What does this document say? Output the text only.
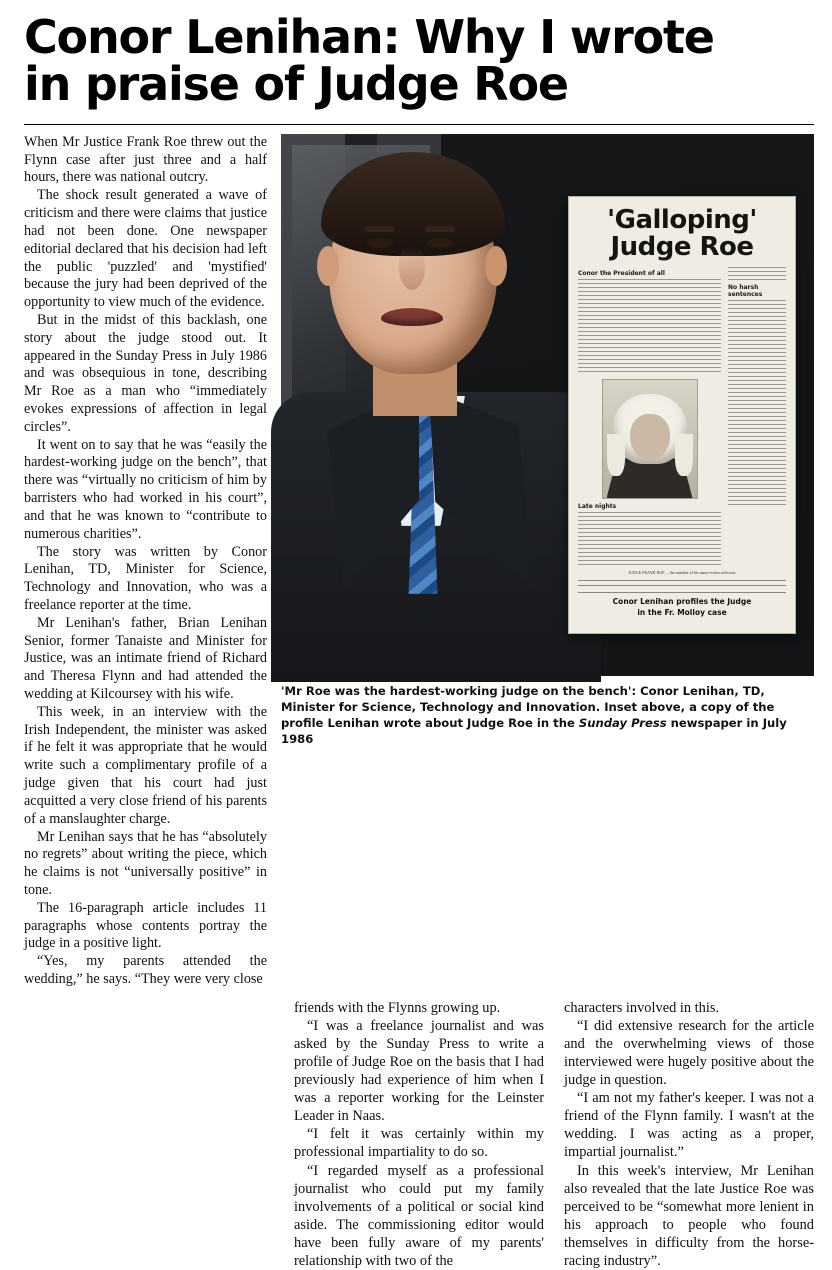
Conor Lenihan: Why I wrote
in praise of Judge Roe

When Mr Justice Frank Roe threw out the Flynn case after just three and a half hours, there was national outcry.

The shock result generated a wave of criticism and there were claims that justice had not been done. One newspaper editorial declared that his decision had left the public 'puzzled' and 'mystified' because the jury had been deprived of the opportunity to view much of the evidence.

But in the midst of this backlash, one story about the judge stood out. It appeared in the Sunday Press in July 1986 and was obsequious in tone, describing Mr Roe as a man who “immediately evokes expressions of affection in legal circles”.

It went on to say that he was “easily the hardest-working judge on the bench”, that there was “virtually no criticism of him by barristers who had worked in his court”, and that he was known to “contribute to numerous charities”.

The story was written by Conor Lenihan, TD, Minister for Science, Technology and Innovation, who was a freelance reporter at the time.

Mr Lenihan's father, Brian Lenihan Senior, former Tanaiste and Minister for Justice, was an intimate friend of Richard and Theresa Flynn and had attended the wedding at Kilcoursey with his wife.

This week, in an interview with the Irish Independent, the minister was asked if he felt it was appropriate that he would write such a complimentary profile of a judge given that his court had just acquitted a very close friend of his parents of a manslaughter charge.

Mr Lenihan says that he has “absolutely no regrets” about writing the piece, which he claims is not “universally positive” in tone.

The 16-paragraph article includes 11 paragraphs whose contents portray the judge in a positive light.

“Yes, my parents attended the wedding,” he says. “They were very close

'Galloping'
Judge Roe
Conor the President of all
Late nights
No harsh sentences
JUDGE FRANK ROE ... the member of his name evokes affection
Conor Lenihan profiles the Judge
in the Fr. Molloy case
'Mr Roe was the hardest-working judge on the bench': Conor Lenihan, TD, Minister for Science, Technology and Innovation. Inset above, a copy of the profile Lenihan wrote about Judge Roe in the Sunday Press newspaper in July 1986

friends with the Flynns growing up.

“I was a freelance journalist and was asked by the Sunday Press to write a profile of Judge Roe on the basis that I had previously had experience of him when I was a reporter working for the Leinster Leader in Naas.

“I felt it was certainly within my professional impartiality to do so.

“I regarded myself as a professional journalist who could put my family involvements of a political or social kind aside. The commissioning editor would have been fully aware of my parents' relationship with two of the

characters involved in this.

“I did extensive research for the article and the overwhelming views of those interviewed were hugely positive about the judge in question.

“I am not my father's keeper. I was not a friend of the Flynn family. I wasn't at the wedding. I was acting as a proper, impartial journalist.”

In this week's interview, Mr Lenihan also revealed that the late Justice Roe was perceived to be “somewhat more lenient in his approach to people who found themselves in difficulty from the horse-racing industry”.
